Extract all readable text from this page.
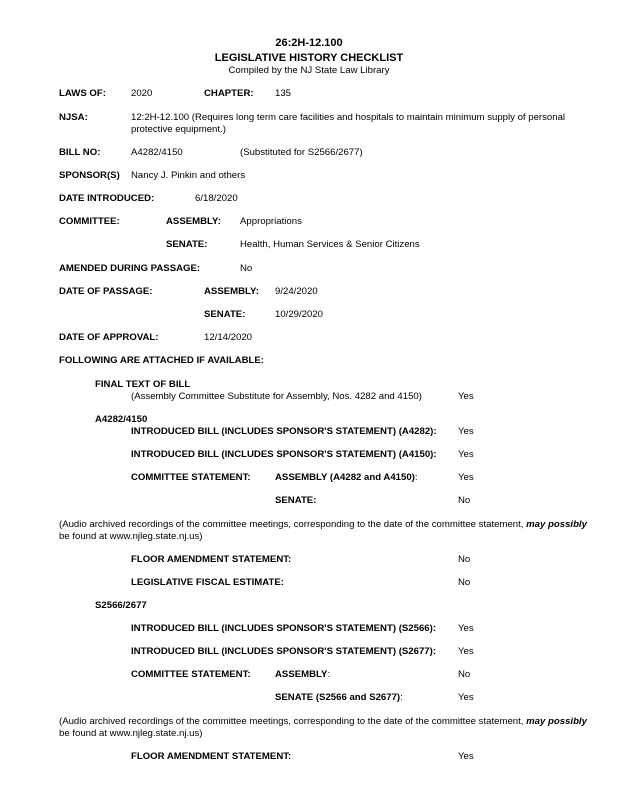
26:2H-12.100
LEGISLATIVE HISTORY CHECKLIST
Compiled by the NJ State Law Library
LAWS OF:	2020	CHAPTER: 135
NJSA:	12:2H-12.100 (Requires long term care facilities and hospitals to maintain minimum supply of personal
protective equipment.)
BILL NO:	A4282/4150	(Substituted for S2566/2677)
SPONSOR(S) Nancy J. Pinkin and others
DATE INTRODUCED:	6/18/2020
COMMITTEE:	ASSEMBLY: Appropriations
SENATE:	Health, Human Services & Senior Citizens
AMENDED DURING PASSAGE:	No
DATE OF PASSAGE:	ASSEMBLY: 9/24/2020
SENATE:	10/29/2020
DATE OF APPROVAL:	12/14/2020
FOLLOWING ARE ATTACHED IF AVAILABLE:
FINAL TEXT OF BILL
(Assembly Committee Substitute for Assembly, Nos. 4282 and 4150)	Yes
A4282/4150
INTRODUCED BILL (INCLUDES SPONSOR'S STATEMENT) (A4282): Yes
INTRODUCED BILL (INCLUDES SPONSOR'S STATEMENT) (A4150): Yes
COMMITTEE STATEMENT:	ASSEMBLY (A4282 and A4150):	Yes
SENATE:	No
(Audio archived recordings of the committee meetings, corresponding to the date of the committee statement, may possibly
be found at www.njleg.state.nj.us)
FLOOR AMENDMENT STATEMENT:	No
LEGISLATIVE FISCAL ESTIMATE:	No
S2566/2677
INTRODUCED BILL (INCLUDES SPONSOR'S STATEMENT) (S2566): Yes
INTRODUCED BILL (INCLUDES SPONSOR'S STATEMENT) (S2677): Yes
COMMITTEE STATEMENT:	ASSEMBLY:	No
SENATE (S2566 and S2677):	Yes
(Audio archived recordings of the committee meetings, corresponding to the date of the committee statement, may possibly
be found at www.njleg.state.nj.us)
FLOOR AMENDMENT STATEMENT:	Yes
